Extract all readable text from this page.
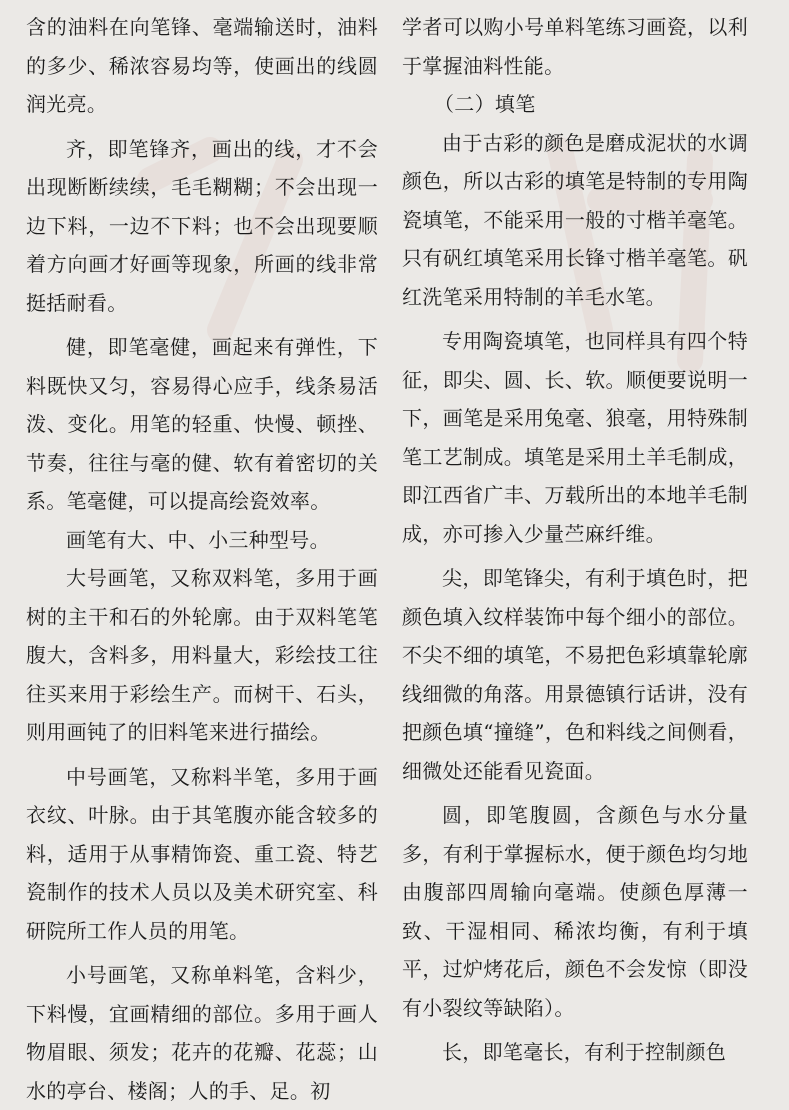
含的油料在向笔锋、毫端输送时，油料的多少、稀浓容易均等，使画出的线圆润光亮。

齐，即笔锋齐，画出的线，才不会出现断断续续，毛毛糊糊；不会出现一边下料，一边不下料；也不会出现要顺着方向画才好画等现象，所画的线非常挺括耐看。

健，即笔毫健，画起来有弹性，下料既快又匀，容易得心应手，线条易活泼、变化。用笔的轻重、快慢、顿挫、节奏，往往与毫的健、软有着密切的关系。笔毫健，可以提高绘瓷效率。

画笔有大、中、小三种型号。

大号画笔，又称双料笔，多用于画树的主干和石的外轮廓。由于双料笔笔腹大，含料多，用料量大，彩绘技工往往买来用于彩绘生产。而树干、石头，则用画钝了的旧料笔来进行描绘。

中号画笔，又称料半笔，多用于画衣纹、叶脉。由于其笔腹亦能含较多的料，适用于从事精饰瓷、重工瓷、特艺瓷制作的技术人员以及美术研究室、科研院所工作人员的用笔。

小号画笔，又称单料笔，含料少，下料慢，宜画精细的部位。多用于画人物眉眼、须发；花卉的花瓣、花蕊；山水的亭台、楼阁；人的手、足。初

学者可以购小号单料笔练习画瓷，以利于掌握油料性能。

（二）填笔

由于古彩的颜色是磨成泥状的水调颜色，所以古彩的填笔是特制的专用陶瓷填笔，不能采用一般的寸楷羊毫笔。只有矾红填笔采用长锋寸楷羊毫笔。矾红洗笔采用特制的羊毛水笔。

专用陶瓷填笔，也同样具有四个特征，即尖、圆、长、软。顺便要说明一下，画笔是采用兔毫、狼毫，用特殊制笔工艺制成。填笔是采用土羊毛制成，即江西省广丰、万载所出的本地羊毛制成，亦可掺入少量苎麻纤维。

尖，即笔锋尖，有利于填色时，把颜色填入纹样装饰中每个细小的部位。不尖不细的填笔，不易把色彩填靠轮廓线细微的角落。用景德镇行话讲，没有把颜色填“撞缝”，色和料线之间侧看，细微处还能看见瓷面。

圆，即笔腹圆，含颜色与水分量多，有利于掌握标水，便于颜色均匀地由腹部四周输向毫端。使颜色厚薄一致、干湿相同、稀浓均衡，有利于填平，过炉烤花后，颜色不会发惊（即没有小裂纹等缺陷）。

长，即笔毫长，有利于控制颜色
